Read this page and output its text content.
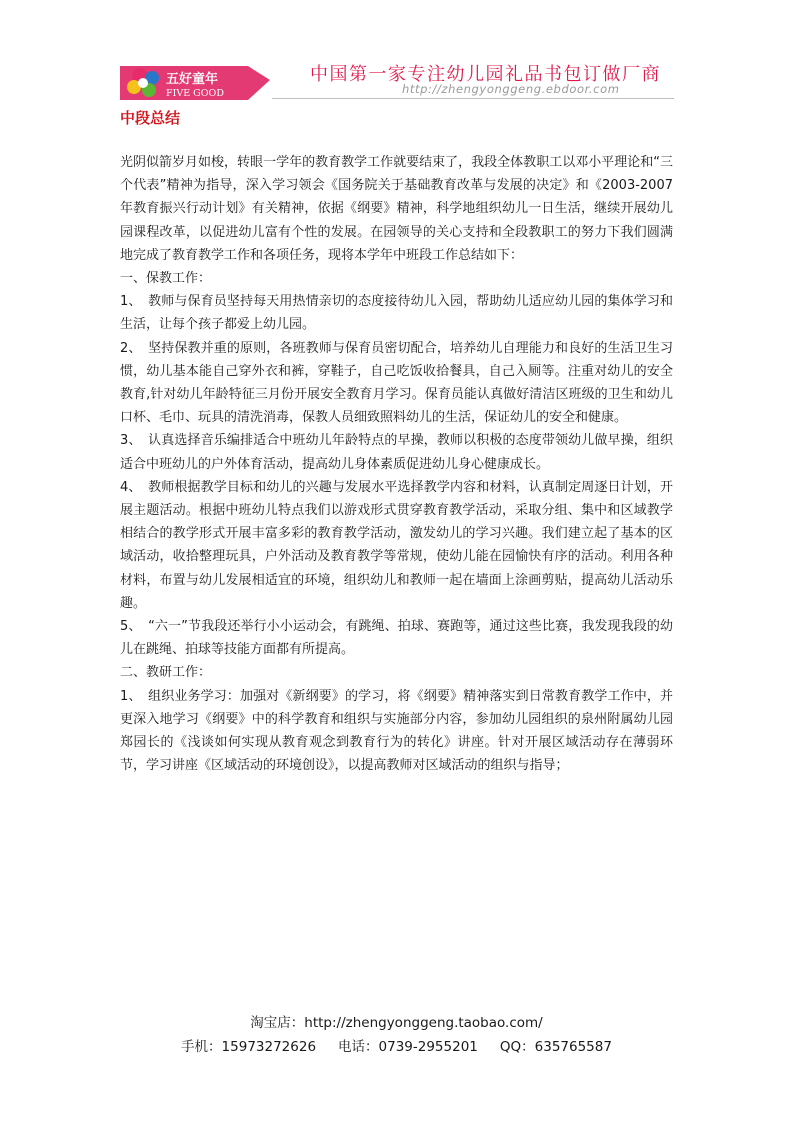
五好童年
FIVE GOOD
中国第一家专注幼儿园礼品书包订做厂商
http://zhengyonggeng.ebdoor.com
中段总结

光阴似箭岁月如梭，转眼一学年的教育教学工作就要结束了，我段全体教职工以邓小平理论和“三个代表”精神为指导，深入学习领会《国务院关于基础教育改革与发展的决定》和《2003-2007年教育振兴行动计划》有关精神，依据《纲要》精神，科学地组织幼儿一日生活，继续开展幼儿园课程改革，以促进幼儿富有个性的发展。在园领导的关心支持和全段教职工的努力下我们圆满地完成了教育教学工作和各项任务，现将本学年中班段工作总结如下：

一、保教工作：

1、　教师与保育员坚持每天用热情亲切的态度接待幼儿入园，帮助幼儿适应幼儿园的集体学习和生活，让每个孩子都爱上幼儿园。

2、　坚持保教并重的原则，各班教师与保育员密切配合，培养幼儿自理能力和良好的生活卫生习惯，幼儿基本能自己穿外衣和裤，穿鞋子，自己吃饭收拾餐具，自己入厕等。注重对幼儿的安全教育,针对幼儿年龄特征三月份开展安全教育月学习。保育员能认真做好清洁区班级的卫生和幼儿口杯、毛巾、玩具的清洗消毒，保教人员细致照料幼儿的生活，保证幼儿的安全和健康。

3、　认真选择音乐编排适合中班幼儿年龄特点的早操，教师以积极的态度带领幼儿做早操，组织适合中班幼儿的户外体育活动，提高幼儿身体素质促进幼儿身心健康成长。

4、　教师根据教学目标和幼儿的兴趣与发展水平选择教学内容和材料，认真制定周逐日计划，开展主题活动。根据中班幼儿特点我们以游戏形式贯穿教育教学活动，采取分组、集中和区域教学相结合的教学形式开展丰富多彩的教育教学活动，激发幼儿的学习兴趣。我们建立起了基本的区域活动，收拾整理玩具，户外活动及教育教学等常规，使幼儿能在园愉快有序的活动。利用各种材料，布置与幼儿发展相适宜的环境，组织幼儿和教师一起在墙面上涂画剪贴，提高幼儿活动乐趣。

5、　“六一”节我段还举行小小运动会，有跳绳、拍球、赛跑等，通过这些比赛，我发现我段的幼儿在跳绳、拍球等技能方面都有所提高。

二、教研工作：

1、　组织业务学习：加强对《新纲要》的学习，将《纲要》精神落实到日常教育教学工作中，并更深入地学习《纲要》中的科学教育和组织与实施部分内容，参加幼儿园组织的泉州附属幼儿园郑园长的《浅谈如何实现从教育观念到教育行为的转化》讲座。针对开展区域活动存在薄弱环节，学习讲座《区域活动的环境创设》，以提高教师对区域活动的组织与指导；

淘宝店：http://zhengyonggeng.taobao.com/
手机：15973272626 电话：0739-2955201 QQ：635765587
